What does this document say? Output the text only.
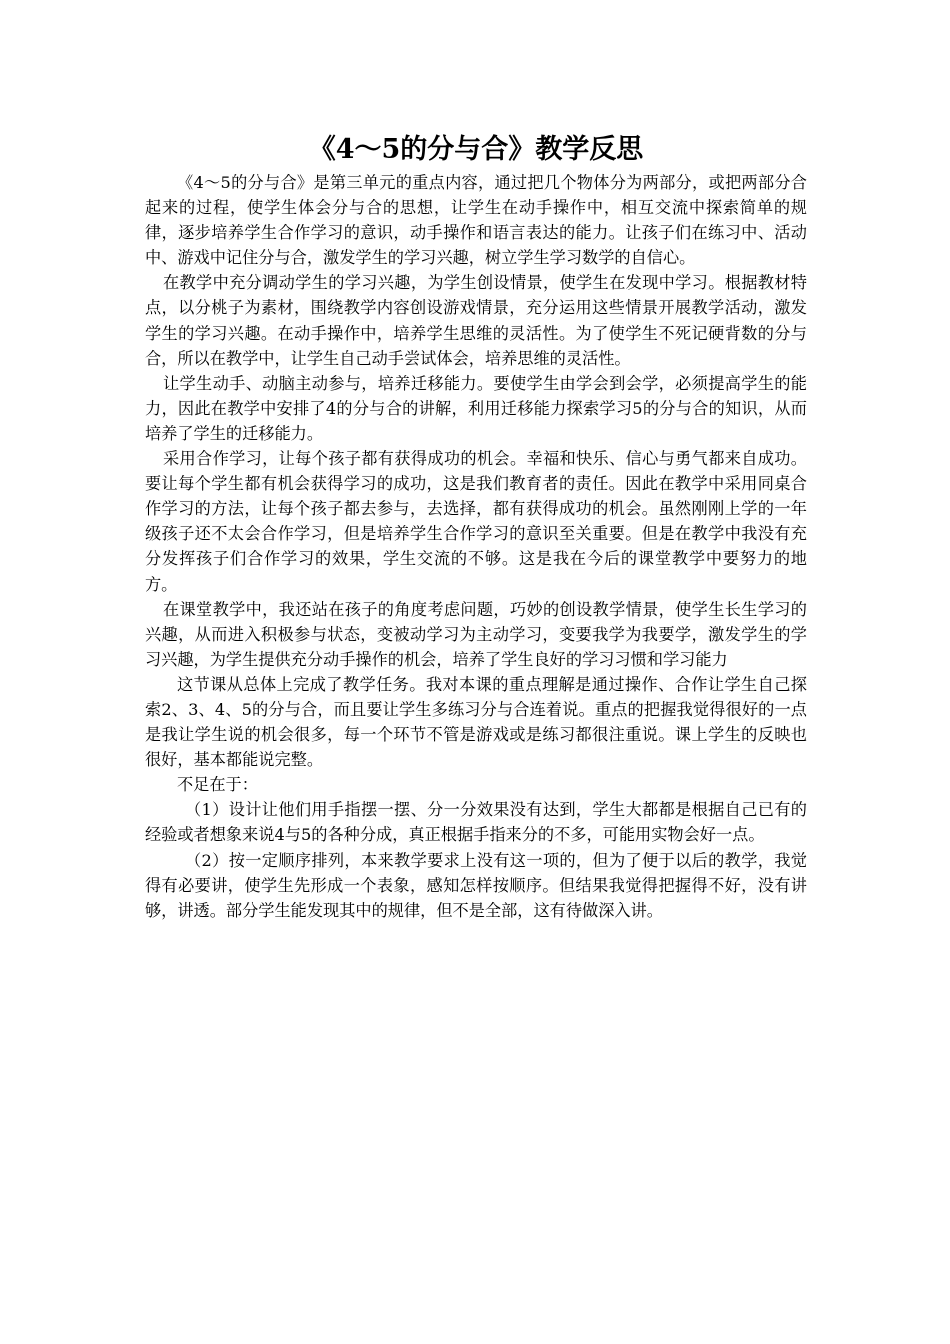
《4～5的分与合》教学反思

《4～5的分与合》是第三单元的重点内容，通过把几个物体分为两部分，或把两部分合起来的过程，使学生体会分与合的思想，让学生在动手操作中，相互交流中探索简单的规律，逐步培养学生合作学习的意识，动手操作和语言表达的能力。让孩子们在练习中、活动中、游戏中记住分与合，激发学生的学习兴趣，树立学生学习数学的自信心。

在教学中充分调动学生的学习兴趣，为学生创设情景，使学生在发现中学习。根据教材特点，以分桃子为素材，围绕教学内容创设游戏情景，充分运用这些情景开展教学活动，激发学生的学习兴趣。在动手操作中，培养学生思维的灵活性。为了使学生不死记硬背数的分与合，所以在教学中，让学生自己动手尝试体会，培养思维的灵活性。

让学生动手、动脑主动参与，培养迁移能力。要使学生由学会到会学，必须提高学生的能力，因此在教学中安排了4的分与合的讲解，利用迁移能力探索学习5的分与合的知识，从而培养了学生的迁移能力。

采用合作学习，让每个孩子都有获得成功的机会。幸福和快乐、信心与勇气都来自成功。要让每个学生都有机会获得学习的成功，这是我们教育者的责任。因此在教学中采用同桌合作学习的方法，让每个孩子都去参与，去选择，都有获得成功的机会。虽然刚刚上学的一年级孩子还不太会合作学习，但是培养学生合作学习的意识至关重要。但是在教学中我没有充分发挥孩子们合作学习的效果，学生交流的不够。这是我在今后的课堂教学中要努力的地方。

在课堂教学中，我还站在孩子的角度考虑问题，巧妙的创设教学情景，使学生长生学习的兴趣，从而进入积极参与状态，变被动学习为主动学习，变要我学为我要学，激发学生的学习兴趣，为学生提供充分动手操作的机会，培养了学生良好的学习习惯和学习能力

这节课从总体上完成了教学任务。我对本课的重点理解是通过操作、合作让学生自己探索2、3、4、5的分与合，而且要让学生多练习分与合连着说。重点的把握我觉得很好的一点是我让学生说的机会很多，每一个环节不管是游戏或是练习都很注重说。课上学生的反映也很好，基本都能说完整。

不足在于：

（1）设计让他们用手指摆一摆、分一分效果没有达到，学生大都都是根据自己已有的经验或者想象来说4与5的各种分成，真正根据手指来分的不多，可能用实物会好一点。

（2）按一定顺序排列，本来教学要求上没有这一项的，但为了便于以后的教学，我觉得有必要讲，使学生先形成一个表象，感知怎样按顺序。但结果我觉得把握得不好，没有讲够，讲透。部分学生能发现其中的规律，但不是全部，这有待做深入讲。
